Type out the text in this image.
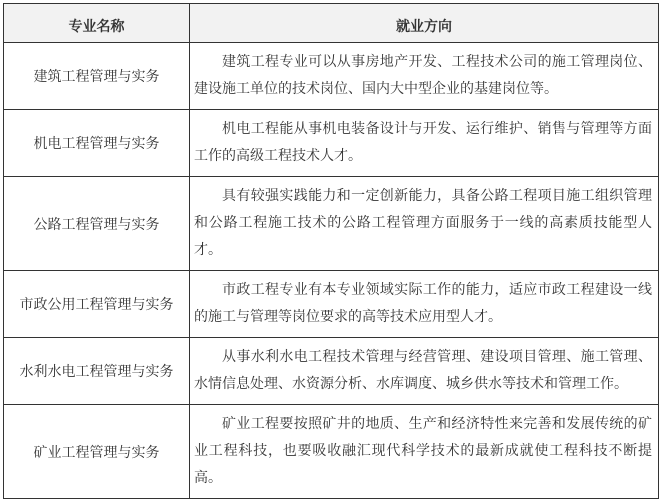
专业名称	就业方向
建筑工程管理与实务	建筑工程专业可以从事房地产开发、工程技术公司的施工管理岗位、建设施工单位的技术岗位、国内大中型企业的基建岗位等。
机电工程管理与实务	机电工程能从事机电装备设计与开发、运行维护、销售与管理等方面工作的高级工程技术人才。
公路工程管理与实务	具有较强实践能力和一定创新能力，具备公路工程项目施工组织管理和公路工程施工技术的公路工程管理方面服务于一线的高素质技能型人才。
市政公用工程管理与实务	市政工程专业有本专业领域实际工作的能力，适应市政工程建设一线的施工与管理等岗位要求的高等技术应用型人才。
水利水电工程管理与实务	从事水利水电工程技术管理与经营管理、建设项目管理、施工管理、水情信息处理、水资源分析、水库调度、城乡供水等技术和管理工作。
矿业工程管理与实务	矿业工程要按照矿井的地质、生产和经济特性来完善和发展传统的矿业工程科技，也要吸收融汇现代科学技术的最新成就使工程科技不断提高。
